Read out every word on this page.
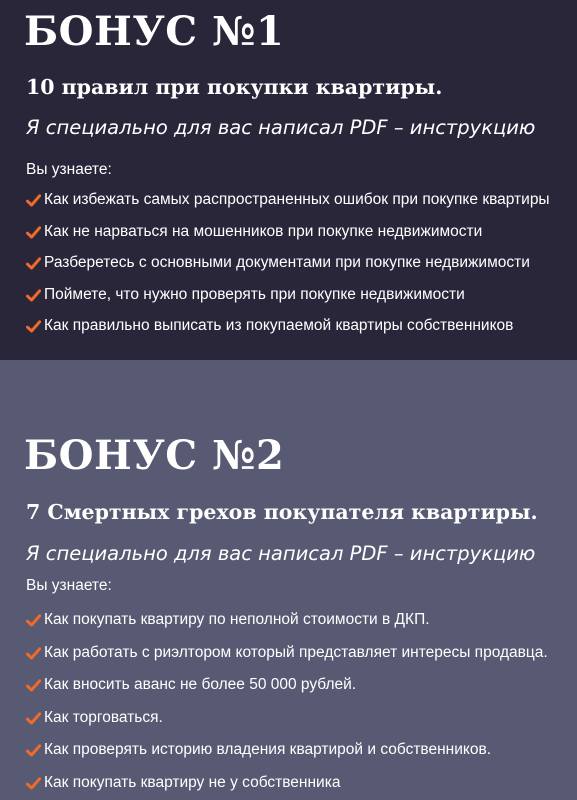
БОНУС №1
10 правил при покупки квартиры.

Я специально для вас написал PDF – инструкцию

Вы узнаете:

Как избежать самых распространенных ошибок при покупке квартиры
Как не нарваться на мошенников при покупке недвижимости
Разберетесь с основными документами при покупке недвижимости
Поймете, что нужно проверять при покупке недвижимости
Как правильно выписать из покупаемой квартиры собственников
БОНУС №2
7 Смертных грехов покупателя квартиры.

Я специально для вас написал PDF – инструкцию

Вы узнаете:

Как покупать квартиру по неполной стоимости в ДКП.
Как работать с риэлтором который представляет интересы продавца.
Как вносить аванс не более 50 000 рублей.
Как торговаться.
Как проверять историю владения квартирой и собственников.
Как покупать квартиру не у собственника
